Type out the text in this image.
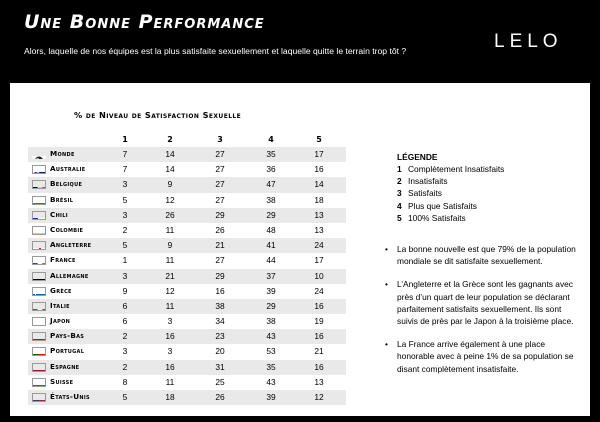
Une Bonne Performance
Alors, laquelle de nos équipes est la plus satisfaite sexuellement et laquelle quitte le terrain trop tôt ?	LELO
% de Niveau de Satisfaction Sexuelle
1	2	3	4	5
Monde	7	14	27	35	17
Australie	7	14	27	36	16
Belgique	3	9	27	47	14
Brésil	5	12	27	38	18
Chili	3	26	29	29	13
Colombie	2	11	26	48	13
Angleterre	5	9	21	41	24
France	1	11	27	44	17
Allemagne	3	21	29	37	10
Grèce	9	12	16	39	24
Italie	6	11	38	29	16
Japon	6	3	34	38	19
Pays-Bas	2	16	23	43	16
Portugal	3	3	20	53	21
Espagne	2	16	31	35	16
Suisse	8	11	25	43	13
États-Unis	5	18	26	39	12
LÉGENDE
1 Complètement Insatisfaits
2 Insatisfaits
3 Satisfaits
4 Plus que Satisfaits
5 100% Satisfaits
• La bonne nouvelle est que 79% de la population mondiale se dit satisfaite sexuellement.
• L’Angleterre et la Grèce sont les gagnants avec près d’un quart de leur population se déclarant parfaitement satisfaits sexuellement. Ils sont suivis de près par le Japon à la troisième place.
• La France arrive également à une place honorable avec à peine 1% de sa population se disant complètement insatisfaite.
